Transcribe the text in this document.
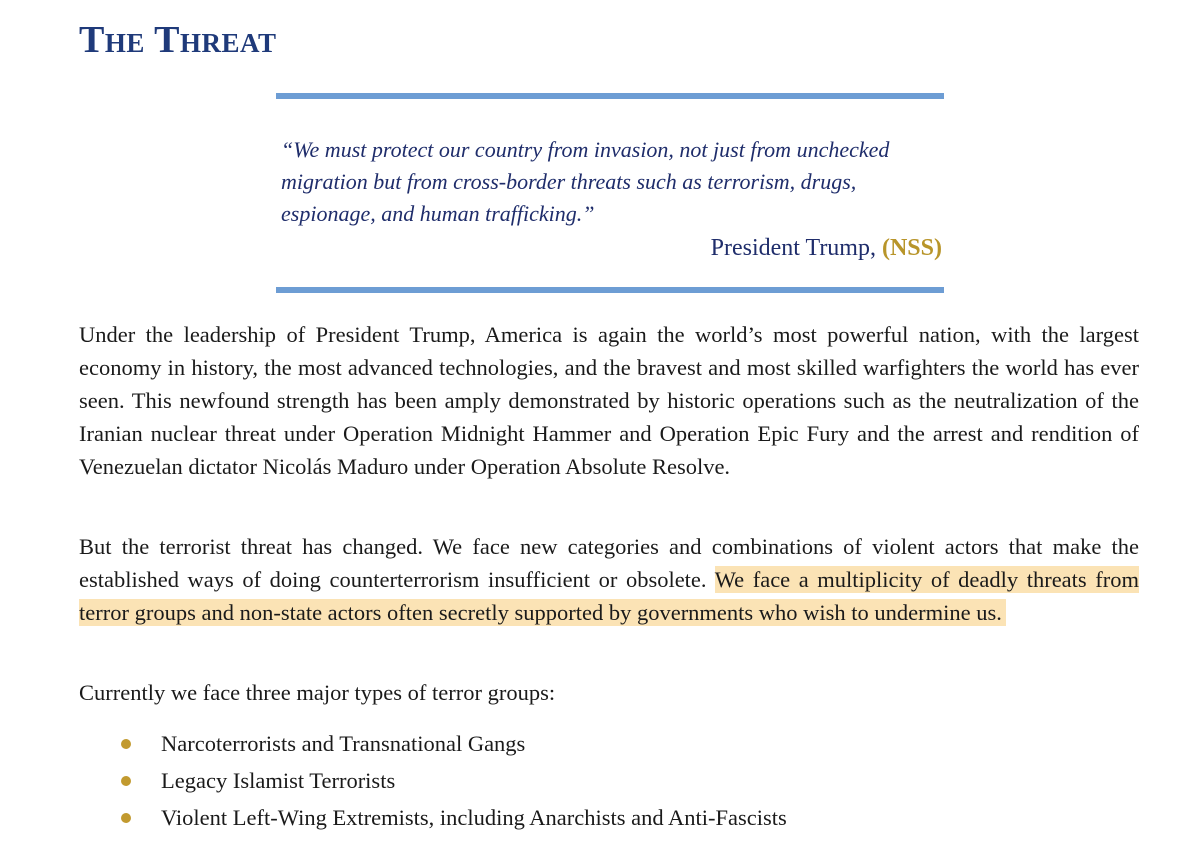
The Threat

“We must protect our country from invasion, not just from unchecked migration but from cross-border threats such as terrorism, drugs, espionage, and human trafficking.”

President Trump, (NSS)

Under the leadership of President Trump, America is again the world’s most powerful nation, with the largest economy in history, the most advanced technologies, and the bravest and most skilled warfighters the world has ever seen. This newfound strength has been amply demonstrated by historic operations such as the neutralization of the Iranian nuclear threat under Operation Midnight Hammer and Operation Epic Fury and the arrest and rendition of Venezuelan dictator Nicolás Maduro under Operation Absolute Resolve.

But the terrorist threat has changed. We face new categories and combinations of violent actors that make the established ways of doing counterterrorism insufficient or obsolete. We face a multiplicity of deadly threats from terror groups and non-state actors often secretly supported by governments who wish to undermine us.

Currently we face three major types of terror groups:

Narcoterrorists and Transnational Gangs
Legacy Islamist Terrorists
Violent Left-Wing Extremists, including Anarchists and Anti-Fascists
